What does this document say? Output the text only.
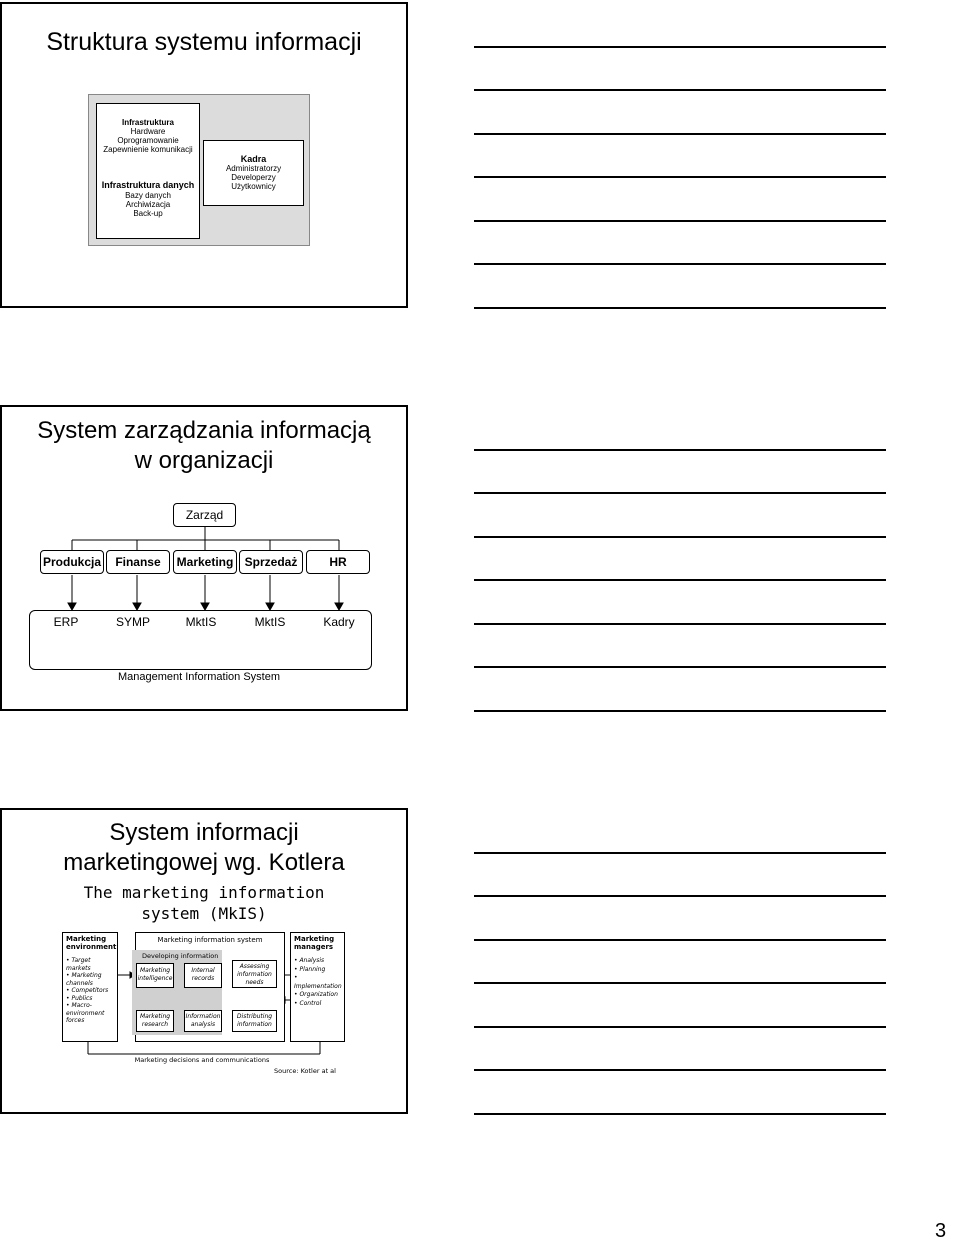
Struktura systemu informacji
Infrastruktura
Hardware
Oprogramowanie
Zapewnienie komunikacji
Infrastruktura danych
Bazy danych
Archiwizacja
Back-up
Kadra
Administratorzy
Developerzy
Użytkownicy
System zarządzania informacją
w organizacji
Zarząd
Produkcja Finanse Marketing Sprzedaż	HR
ERP	SYMP	MktIS	MktIS	Kadry
Management Information System
System informacji
marketingowej wg. Kotlera
The marketing information
system (MkIS)
Marketing
environment
• Target markets
• Marketing channels
• Competitors
• Publics
• Macro-environment forces
Marketing information system
Developing information
Marketing intelligence
Internal records
Marketing research
Information analysis
Assessing information needs
Distributing information
Marketing
managers
• Analysis
• Planning
• Implementation
• Organization
• Control
Marketing decisions and communications
Source: Kotler at al
3
